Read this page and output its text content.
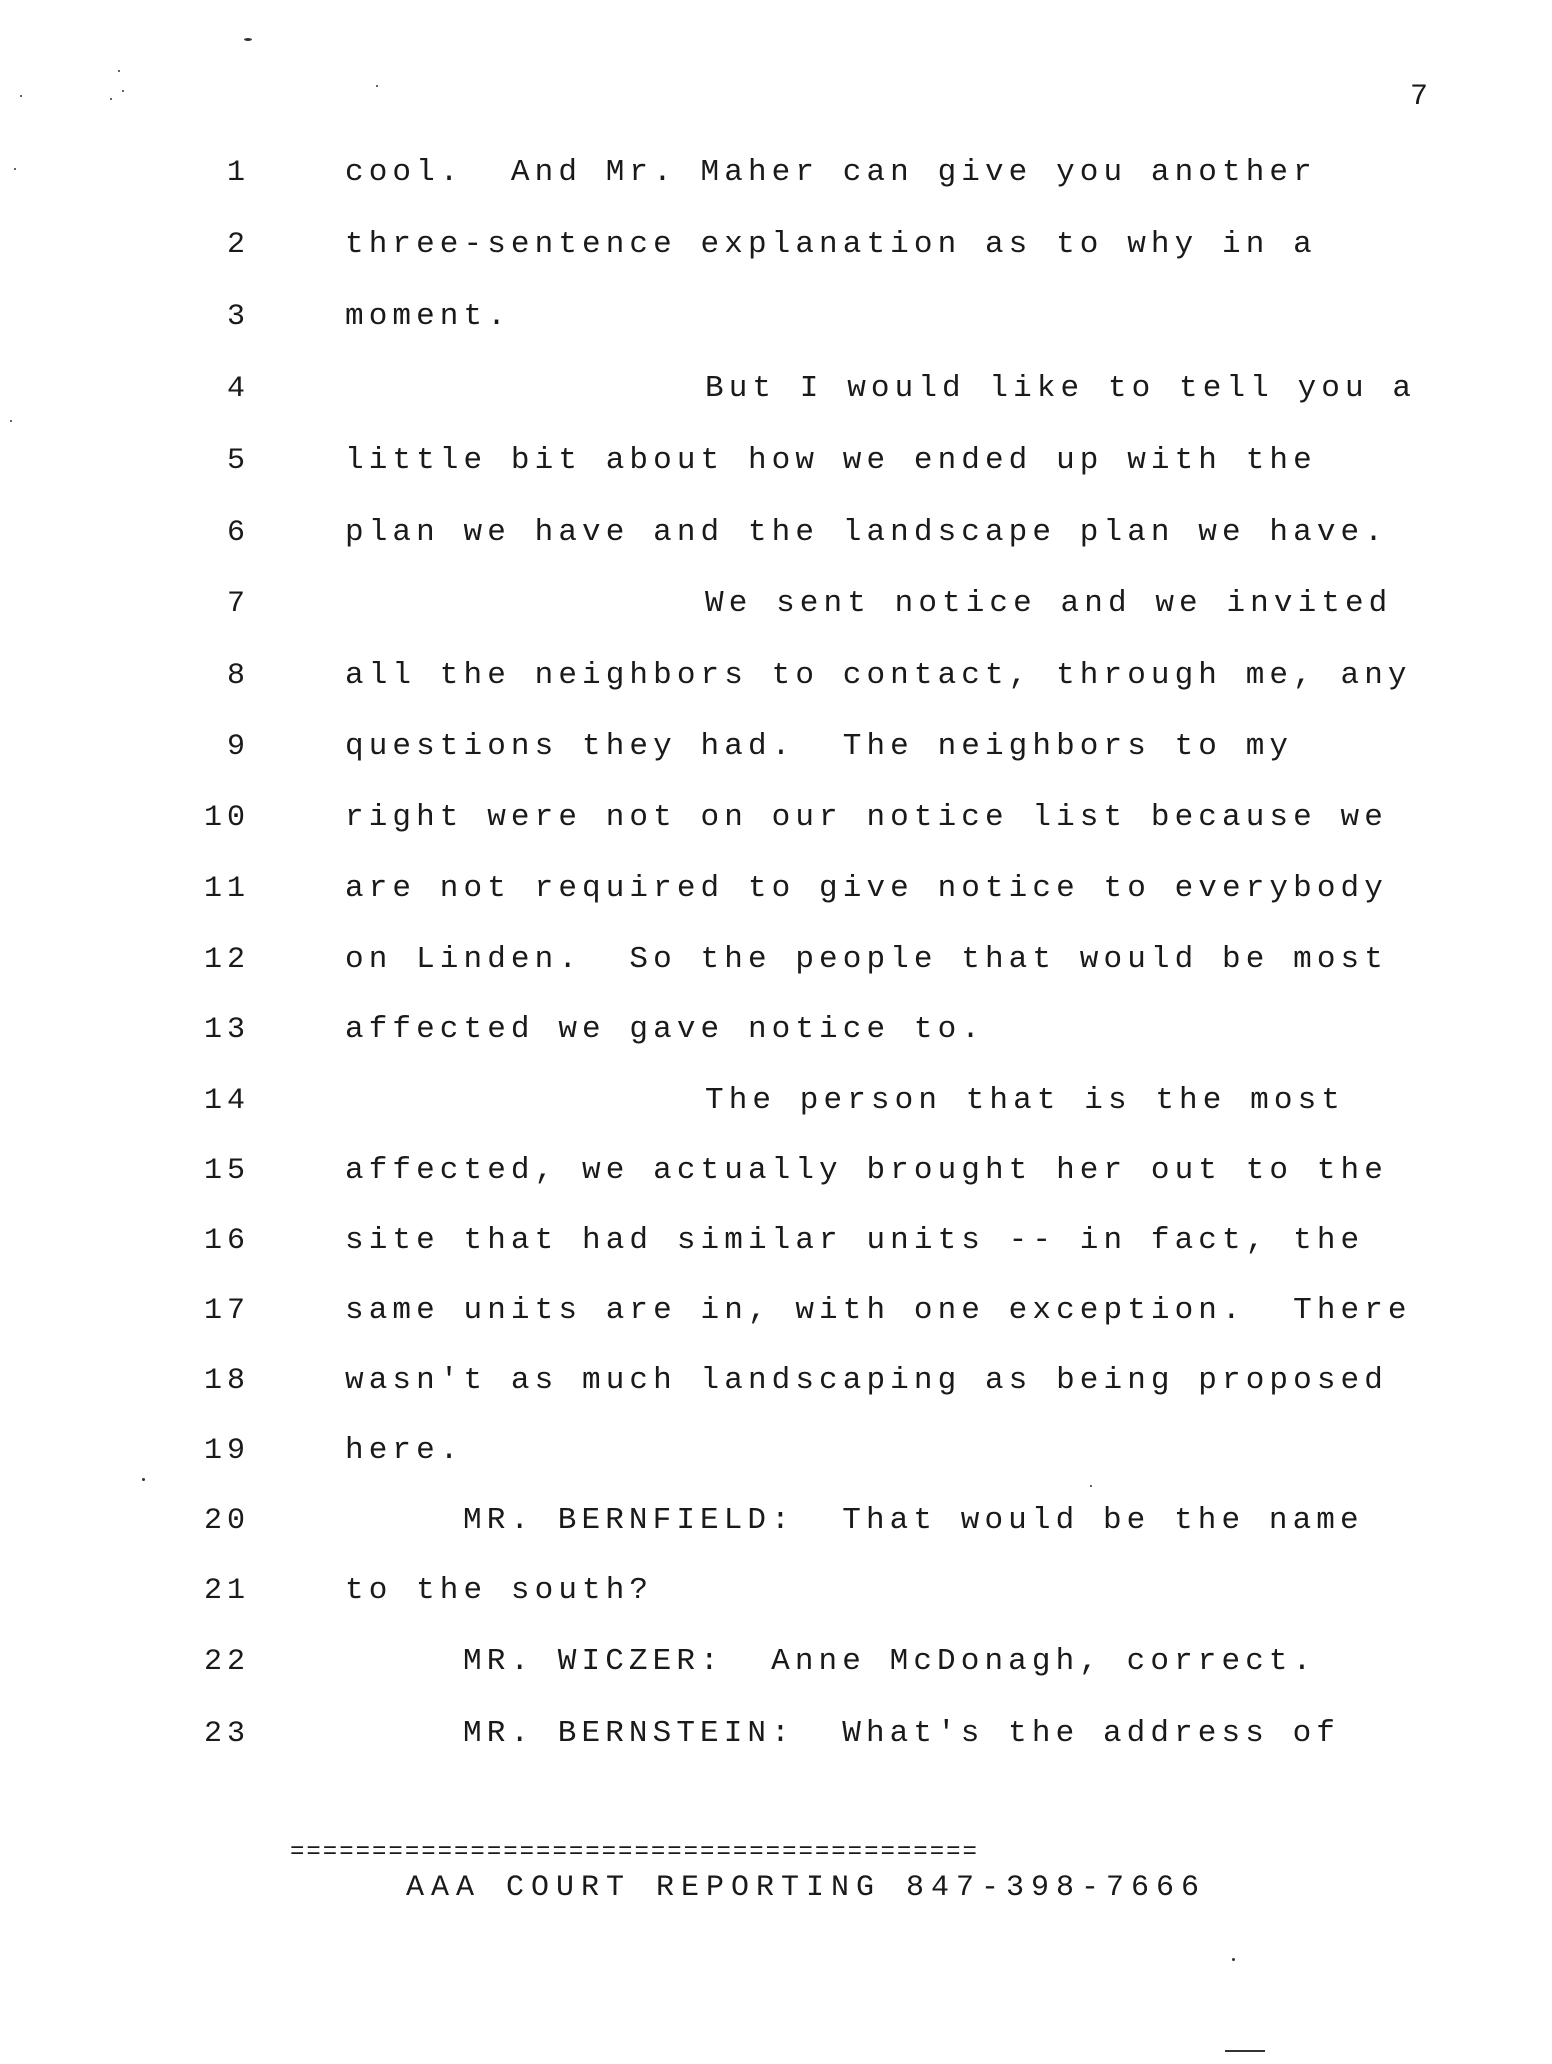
7
1	cool.  And Mr. Maher can give you another
2	three-sentence explanation as to why in a
3	moment.
4	But I would like to tell you a
5	little bit about how we ended up with the
6	plan we have and the landscape plan we have.
7	We sent notice and we invited
8	all the neighbors to contact, through me, any
9	questions they had.  The neighbors to my
10	right were not on our notice list because we
11	are not required to give notice to everybody
12	on Linden.  So the people that would be most
13	affected we gave notice to.
14	The person that is the most
15	affected, we actually brought her out to the
16	site that had similar units -- in fact, the
17	same units are in, with one exception.  There
18	wasn't as much landscaping as being proposed
19	here.
20	MR. BERNFIELD:  That would be the name
21	to the south?
22	MR. WICZER:  Anne McDonagh, correct.
23	MR. BERNSTEIN:  What's the address of
==========================================
AAA COURT REPORTING 847-398-7666
